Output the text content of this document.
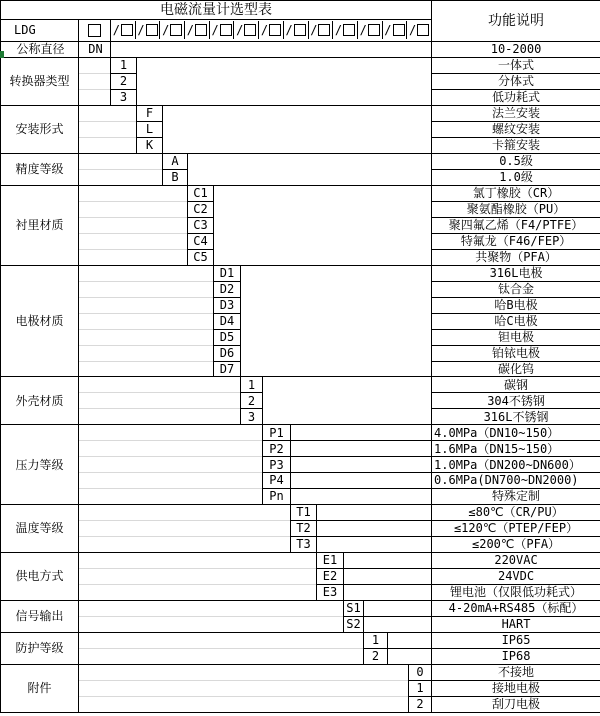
电磁流量计选型表															功能说明
LDG		/ / / / / / / / / / / / /

公称直径	DN														10-2000
转换器类型		1													一体式
		2													分体式
		3													低功耗式
安装形式			F												法兰安装
			L												螺纹安装
			K												卡箍安装
精度等级				A											0.5级
				B											1.0级
衬里材质					C1										氯丁橡胶（CR）
					C2										聚氨酯橡胶（PU）
					C3										聚四氟乙烯（F4/PTFE）
					C4										特氟龙（F46/FEP）
					C5										共聚物（PFA）
电极材质						D1									316L电极
						D2									钛合金
						D3									哈B电极
						D4									哈C电极
						D5									钽电极
						D6									铂铱电极
						D7									碳化钨
外壳材质							1								碳钢
							2								304不锈钢
							3								316L不锈钢
压力等级								P1							4.0MPa（DN10~150）
								P2							1.6MPa（DN15~150）
								P3							1.0MPa（DN200~DN600）
								P4							0.6MPa(DN700~DN2000)
								Pn							特殊定制
温度等级									T1						≤80℃（CR/PU）
									T2						≤120℃（PTEP/FEP）
									T3						≤200℃（PFA）
供电方式										E1					220VAC
										E2					24VDC
										E3					锂电池（仅限低功耗式）
信号输出											S1				4-20mA+RS485（标配）
											S2				HART
防护等级												1			IP65
												2			IP68
附件														0	不接地
														1	接地电极
														2	刮刀电极
